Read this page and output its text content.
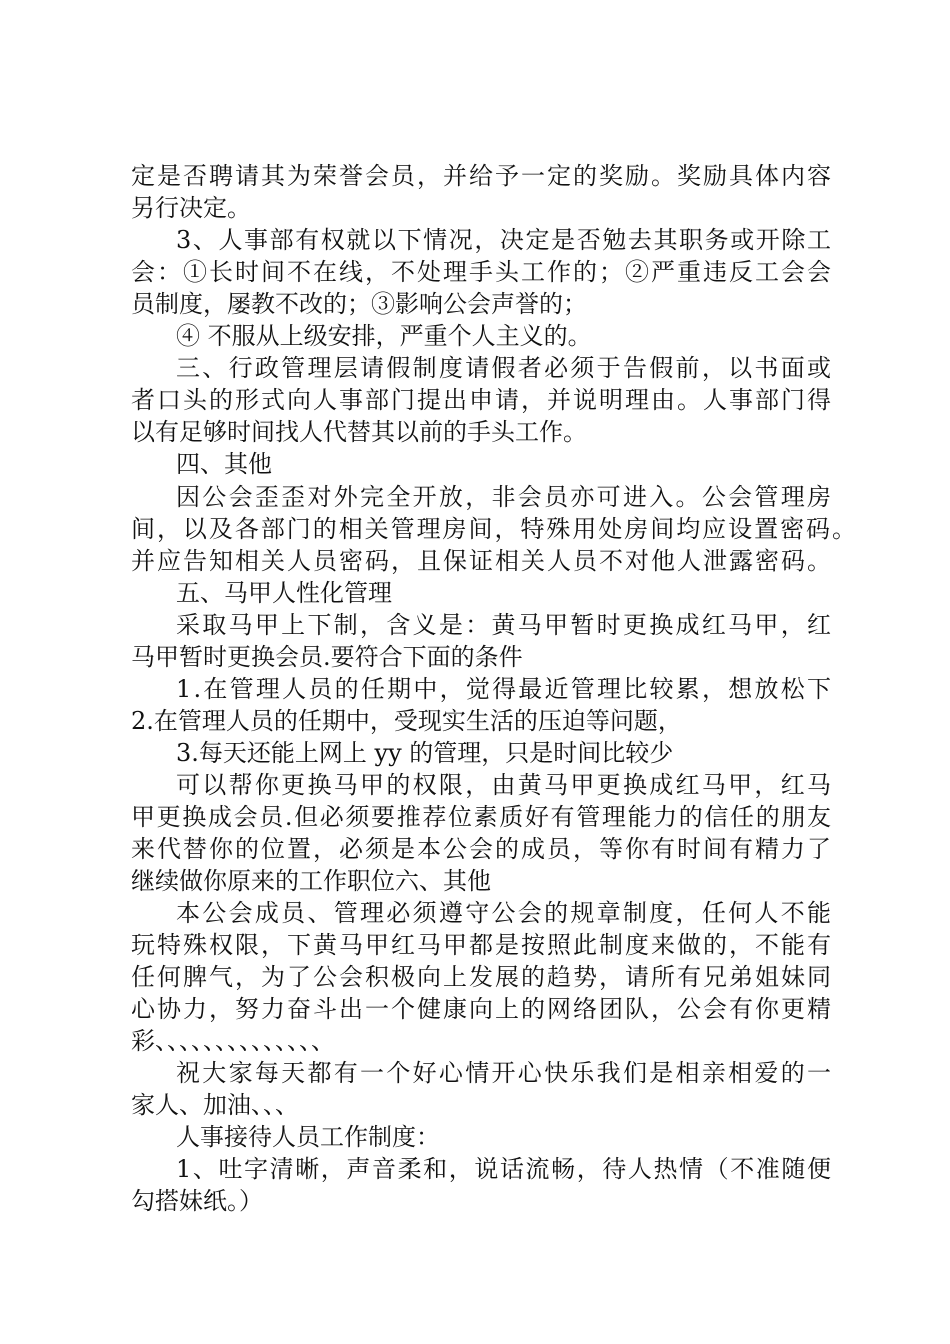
定是否聘请其为荣誉会员，并给予一定的奖励。奖励具体内容
另行决定。
3、人事部有权就以下情况，决定是否勉去其职务或开除工
会：①长时间不在线，不处理手头工作的；②严重违反工会会
员制度，屡教不改的；③影响公会声誉的；
④ 不服从上级安排，严重个人主义的。
三、行政管理层请假制度请假者必须于告假前，以书面或
者口头的形式向人事部门提出申请，并说明理由。人事部门得
以有足够时间找人代替其以前的手头工作。
四、其他
因公会歪歪对外完全开放，非会员亦可进入。公会管理房
间，以及各部门的相关管理房间，特殊用处房间均应设置密码。
并应告知相关人员密码，且保证相关人员不对他人泄露密码。
五、马甲人性化管理
采取马甲上下制，含义是：黄马甲暂时更换成红马甲，红
马甲暂时更换会员.要符合下面的条件
1.在管理人员的任期中，觉得最近管理比较累，想放松下
2.在管理人员的任期中，受现实生活的压迫等问题，
3.每天还能上网上 yy 的管理，只是时间比较少
可以帮你更换马甲的权限，由黄马甲更换成红马甲，红马
甲更换成会员.但必须要推荐位素质好有管理能力的信任的朋友
来代替你的位置，必须是本公会的成员，等你有时间有精力了
继续做你原来的工作职位六、其他
本公会成员、管理必须遵守公会的规章制度，任何人不能
玩特殊权限，下黄马甲红马甲都是按照此制度来做的，不能有
任何脾气，为了公会积极向上发展的趋势，请所有兄弟姐妹同
心协力，努力奋斗出一个健康向上的网络团队，公会有你更精
彩、、、、、、、、、、、、、、
祝大家每天都有一个好心情开心快乐我们是相亲相爱的一
家人、加油、、、
人事接待人员工作制度：
1、吐字清晰，声音柔和，说话流畅，待人热情（不准随便
勾搭妹纸。）
